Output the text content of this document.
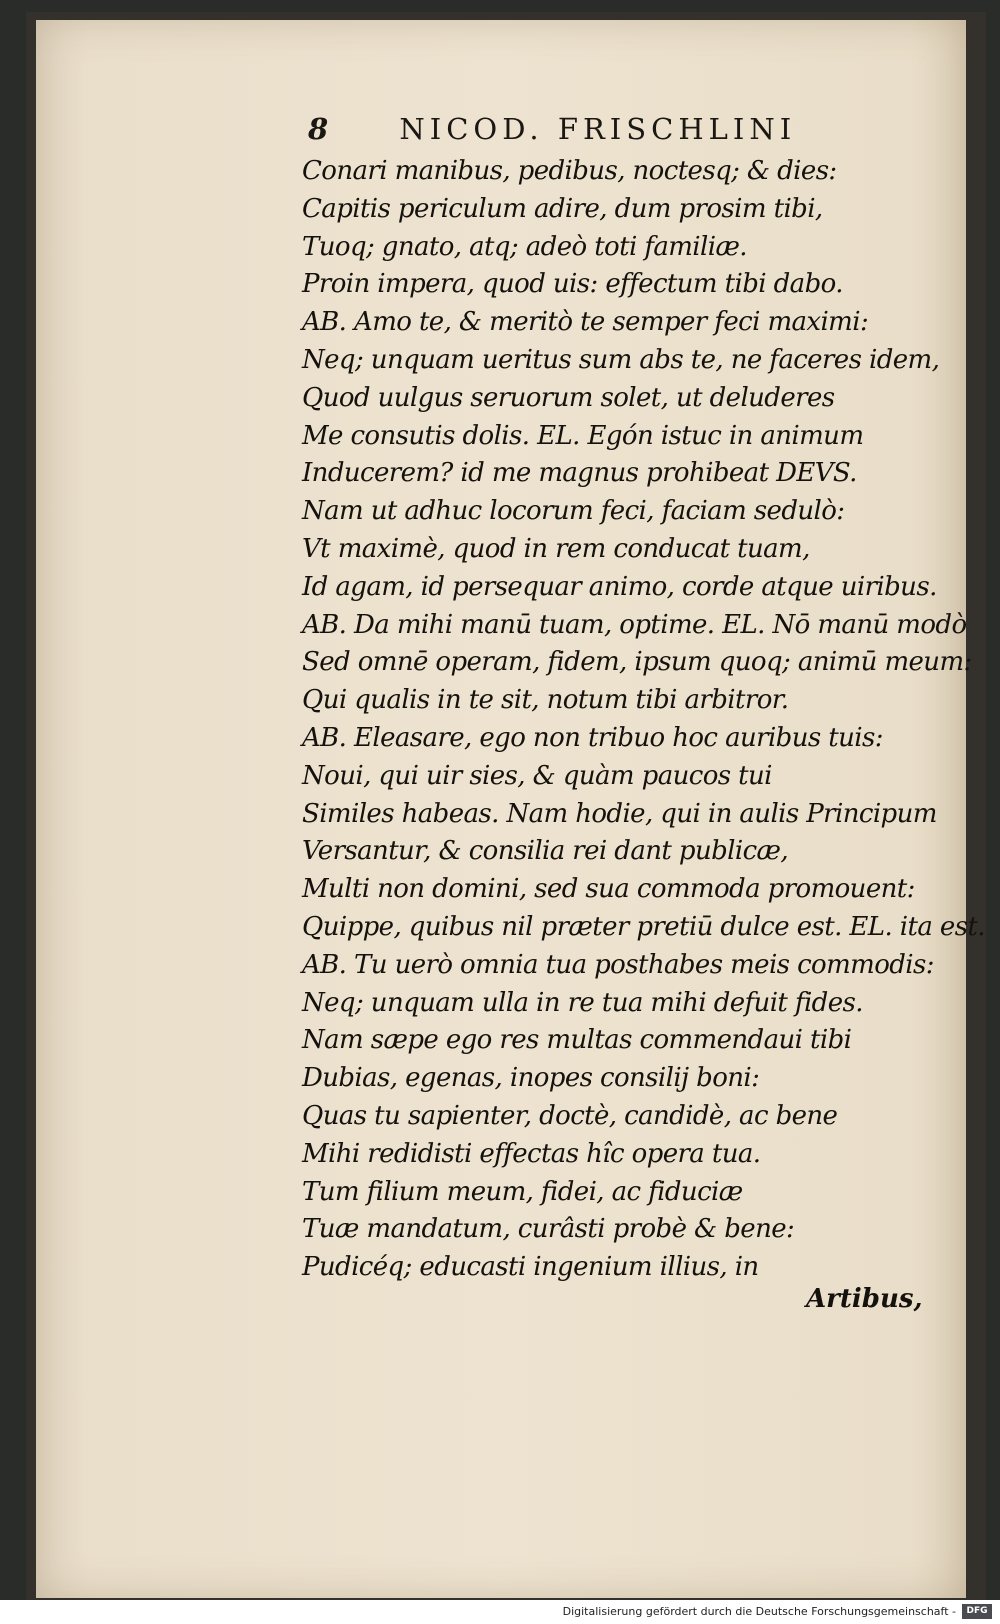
8 NICOD. FRISCHLINI
Conari manibus, pedibus, noctesq; & dies:
Capitis periculum adire, dum prosim tibi,
Tuoq; gnato, atq; adeò toti familiæ.
Proin impera, quod uis: effectum tibi dabo.
AB. Amo te, & meritò te semper feci maximi:
Neq; unquam ueritus sum abs te, ne faceres idem,
Quod uulgus seruorum solet, ut deluderes
Me consutis dolis. EL. Egón istuc in animum
Inducerem? id me magnus prohibeat DEVS.
Nam ut adhuc locorum feci, faciam sedulò:
Vt maximè, quod in rem conducat tuam,
Id agam, id persequar animo, corde atque uiribus.
AB. Da mihi manū tuam, optime. EL. Nō manū modò
Sed omnē operam, fidem, ipsum quoq; animū meum:
Qui qualis in te sit, notum tibi arbitror.
AB. Eleasare, ego non tribuo hoc auribus tuis:
Noui, qui uir sies, & quàm paucos tui
Similes habeas. Nam hodie, qui in aulis Principum
Versantur, & consilia rei dant publicæ,
Multi non domini, sed sua commoda promouent:
Quippe, quibus nil præter pretiū dulce est. EL. ita est.
AB. Tu uerò omnia tua posthabes meis commodis:
Neq; unquam ulla in re tua mihi defuit fides.
Nam sæpe ego res multas commendaui tibi
Dubias, egenas, inopes consilij boni:
Quas tu sapienter, doctè, candidè, ac bene
Mihi redidisti effectas hîc opera tua.
Tum filium meum, fidei, ac fiduciæ
Tuæ mandatum, curâsti probè & bene:
Pudicéq; educasti ingenium illius, in
Artibus,
Digitalisierung gefördert durch die Deutsche Forschungsgemeinschaft -	DFG
